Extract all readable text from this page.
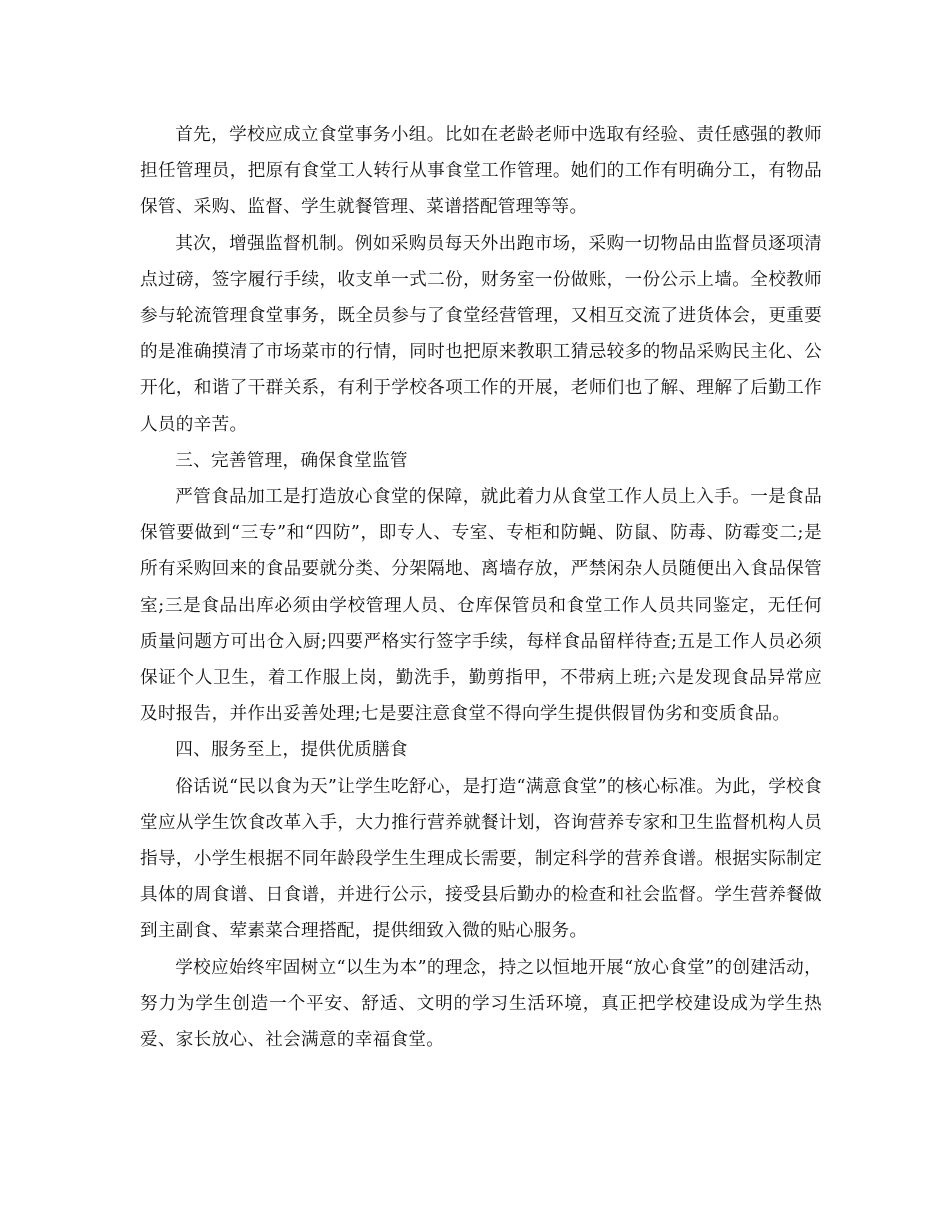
首先，学校应成立食堂事务小组。比如在老龄老师中选取有经验、责任感强的教师担任管理员，把原有食堂工人转行从事食堂工作管理。她们的工作有明确分工，有物品保管、采购、监督、学生就餐管理、菜谱搭配管理等等。

其次，增强监督机制。例如采购员每天外出跑市场，采购一切物品由监督员逐项清点过磅，签字履行手续，收支单一式二份，财务室一份做账，一份公示上墙。全校教师参与轮流管理食堂事务，既全员参与了食堂经营管理，又相互交流了进货体会，更重要的是准确摸清了市场菜市的行情，同时也把原来教职工猜忌较多的物品采购民主化、公开化，和谐了干群关系，有利于学校各项工作的开展，老师们也了解、理解了后勤工作人员的辛苦。

三、完善管理，确保食堂监管

严管食品加工是打造放心食堂的保障，就此着力从食堂工作人员上入手。一是食品保管要做到“三专”和“四防”，即专人、专室、专柜和防蝇、防鼠、防毒、防霉变二;是所有采购回来的食品要就分类、分架隔地、离墙存放，严禁闲杂人员随便出入食品保管室;三是食品出库必须由学校管理人员、仓库保管员和食堂工作人员共同鉴定，无任何质量问题方可出仓入厨;四要严格实行签字手续，每样食品留样待查;五是工作人员必须保证个人卫生，着工作服上岗，勤洗手，勤剪指甲，不带病上班;六是发现食品异常应及时报告，并作出妥善处理;七是要注意食堂不得向学生提供假冒伪劣和变质食品。

四、服务至上，提供优质膳食

俗话说“民以食为天”让学生吃舒心，是打造“满意食堂”的核心标准。为此，学校食堂应从学生饮食改革入手，大力推行营养就餐计划，咨询营养专家和卫生监督机构人员指导，小学生根据不同年龄段学生生理成长需要，制定科学的营养食谱。根据实际制定具体的周食谱、日食谱，并进行公示，接受县后勤办的检查和社会监督。学生营养餐做到主副食、荤素菜合理搭配，提供细致入微的贴心服务。

学校应始终牢固树立“以生为本”的理念，持之以恒地开展“放心食堂”的创建活动，努力为学生创造一个平安、舒适、文明的学习生活环境，真正把学校建设成为学生热爱、家长放心、社会满意的幸福食堂。
